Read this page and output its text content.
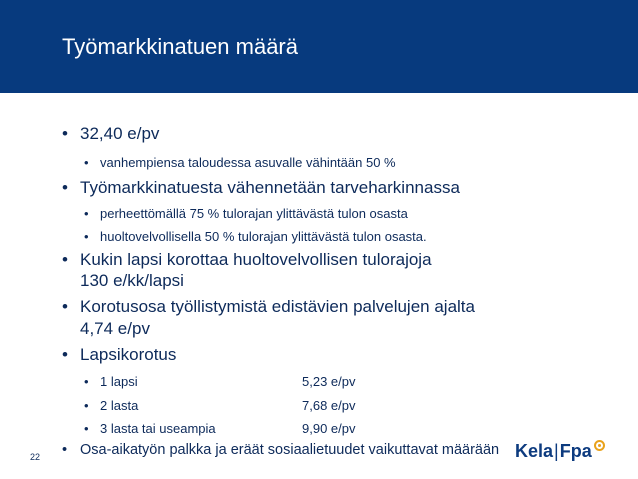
Työmarkkinatuen määrä
• 32,40 e/pv
• vanhempiensa taloudessa asuvalle vähintään 50 %
• Työmarkkinatuesta vähennetään tarveharkinnassa
• perheettömällä 75 % tulorajan ylittävästä tulon osasta
• huoltovelvollisella 50 % tulorajan ylittävästä tulon osasta.
• Kukin lapsi korottaa huoltovelvollisen tulorajoja
130 e/kk/lapsi
• Korotusosa työllistymistä edistävien palvelujen ajalta
4,74 e/pv
• Lapsikorotus
• 1 lapsi	5,23 e/pv
• 2 lasta	7,68 e/pv
• 3 lasta tai useampia	9,90 e/pv
• Osa-aikatyön palkka ja eräät sosiaalietuudet vaikuttavat määrään
22	Kela|Fpa
